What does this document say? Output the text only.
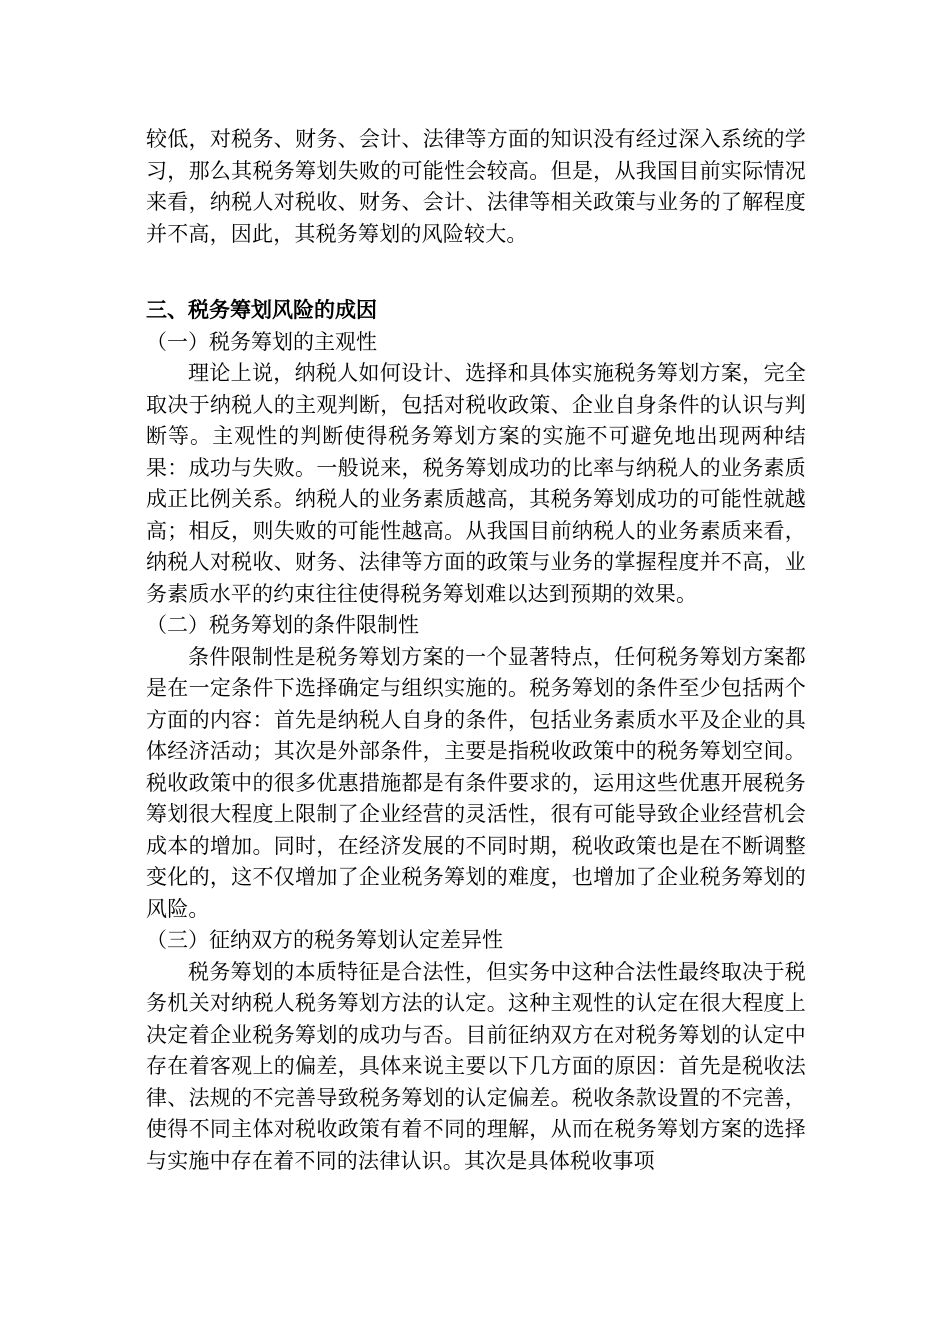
较低，对税务、财务、会计、法律等方面的知识没有经过深入系统的学习，那么其税务筹划失败的可能性会较高。但是，从我国目前实际情况来看，纳税人对税收、财务、会计、法律等相关政策与业务的了解程度并不高，因此，其税务筹划的风险较大。

三、税务筹划风险的成因

（一）税务筹划的主观性

理论上说，纳税人如何设计、选择和具体实施税务筹划方案，完全取决于纳税人的主观判断，包括对税收政策、企业自身条件的认识与判断等。主观性的判断使得税务筹划方案的实施不可避免地出现两种结果：成功与失败。一般说来，税务筹划成功的比率与纳税人的业务素质成正比例关系。纳税人的业务素质越高，其税务筹划成功的可能性就越高；相反，则失败的可能性越高。从我国目前纳税人的业务素质来看，纳税人对税收、财务、法律等方面的政策与业务的掌握程度并不高，业务素质水平的约束往往使得税务筹划难以达到预期的效果。

（二）税务筹划的条件限制性

条件限制性是税务筹划方案的一个显著特点，任何税务筹划方案都是在一定条件下选择确定与组织实施的。税务筹划的条件至少包括两个方面的内容：首先是纳税人自身的条件，包括业务素质水平及企业的具体经济活动；其次是外部条件，主要是指税收政策中的税务筹划空间。税收政策中的很多优惠措施都是有条件要求的，运用这些优惠开展税务筹划很大程度上限制了企业经营的灵活性，很有可能导致企业经营机会成本的增加。同时，在经济发展的不同时期，税收政策也是在不断调整变化的，这不仅增加了企业税务筹划的难度，也增加了企业税务筹划的风险。

（三）征纳双方的税务筹划认定差异性

税务筹划的本质特征是合法性，但实务中这种合法性最终取决于税务机关对纳税人税务筹划方法的认定。这种主观性的认定在很大程度上决定着企业税务筹划的成功与否。目前征纳双方在对税务筹划的认定中存在着客观上的偏差，具体来说主要以下几方面的原因：首先是税收法律、法规的不完善导致税务筹划的认定偏差。税收条款设置的不完善，使得不同主体对税收政策有着不同的理解，从而在税务筹划方案的选择与实施中存在着不同的法律认识。其次是具体税收事项
